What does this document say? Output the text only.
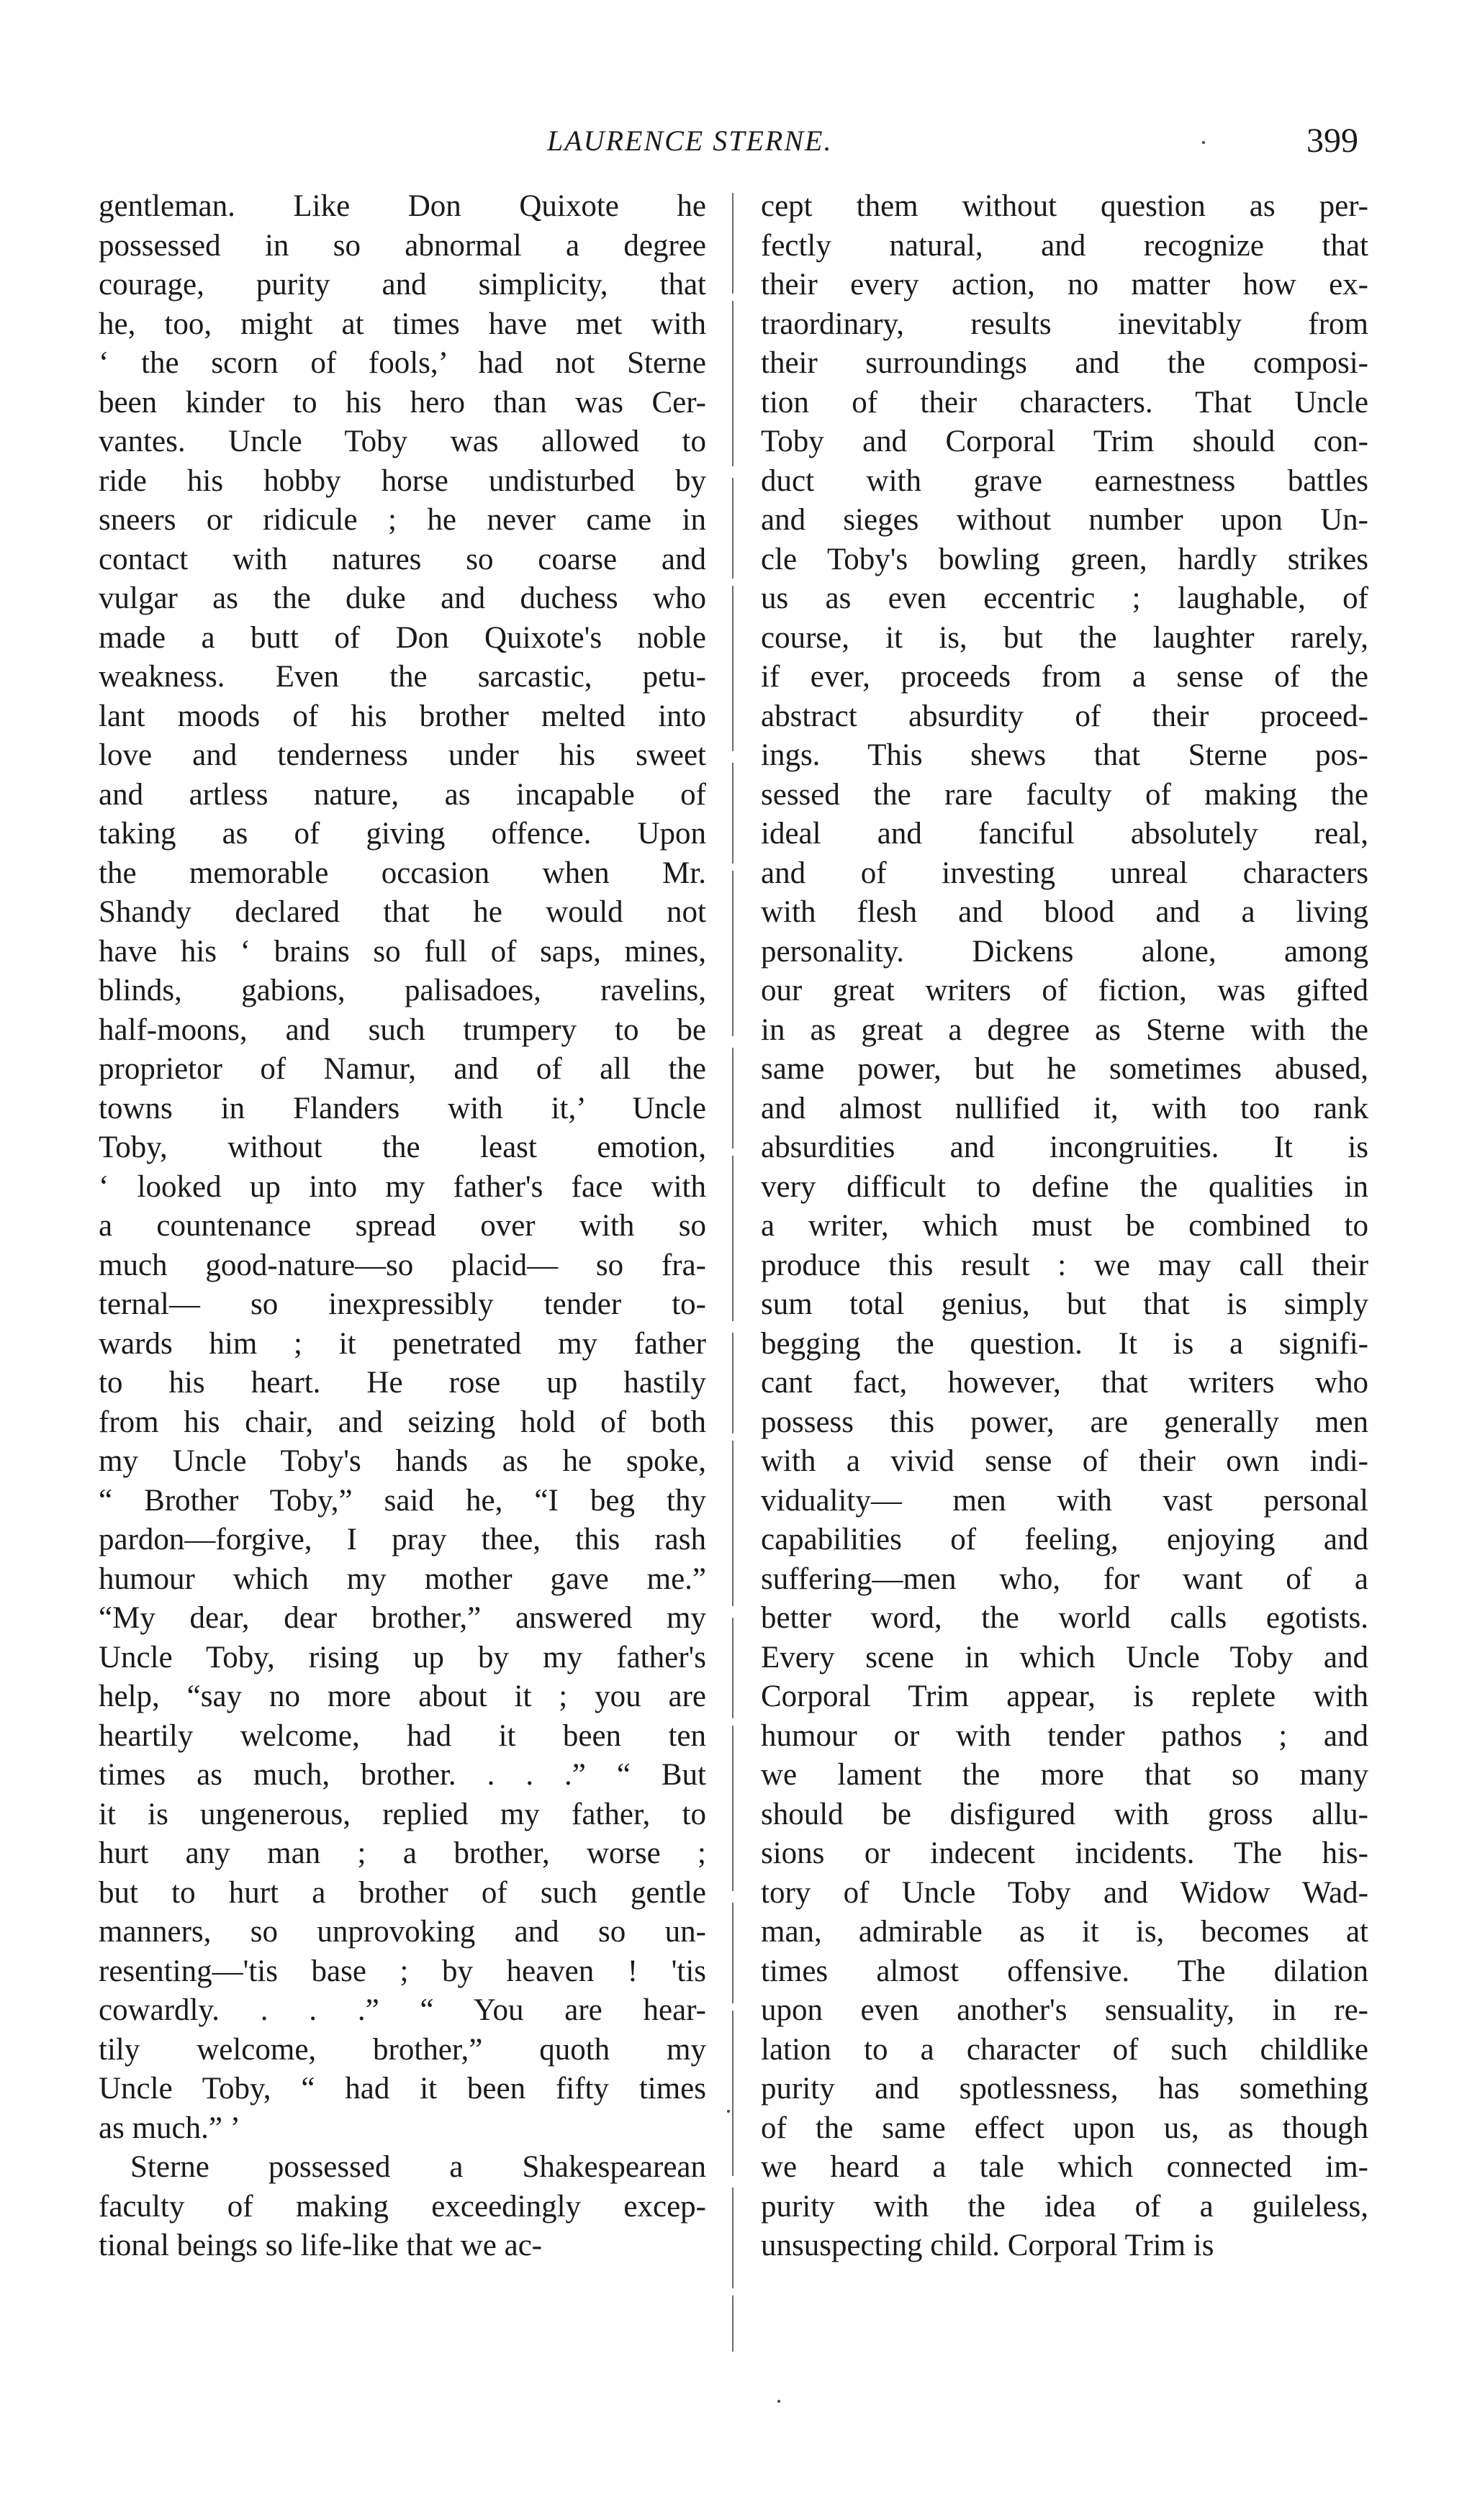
LAURENCE STERNE.	399
gentleman. Like Don Quixote he
possessed in so abnormal a degree
courage, purity and simplicity, that
he, too, might at times have met with
‘ the scorn of fools,’ had not Sterne
been kinder to his hero than was Cer-
vantes. Uncle Toby was allowed to
ride his hobby horse undisturbed by
sneers or ridicule ; he never came in
contact with natures so coarse and
vulgar as the duke and duchess who
made a butt of Don Quixote's noble
weakness. Even the sarcastic, petu-
lant moods of his brother melted into
love and tenderness under his sweet
and artless nature, as incapable of
taking as of giving offence. Upon
the memorable occasion when Mr.
Shandy declared that he would not
have his ‘ brains so full of saps, mines,
blinds, gabions, palisadoes, ravelins,
half-moons, and such trumpery to be
proprietor of Namur, and of all the
towns in Flanders with it,’ Uncle
Toby, without the least emotion,
‘ looked up into my father's face with
a countenance spread over with so
much good-nature—so placid— so fra-
ternal— so inexpressibly tender to-
wards him ; it penetrated my father
to his heart. He rose up hastily
from his chair, and seizing hold of both
my Uncle Toby's hands as he spoke,
“ Brother Toby,” said he, “I beg thy
pardon—forgive, I pray thee, this rash
humour which my mother gave me.”
“My dear, dear brother,” answered my
Uncle Toby, rising up by my father's
help, “say no more about it ; you are
heartily welcome, had it been ten
times as much, brother. . . .” “ But
it is ungenerous, replied my father, to
hurt any man ; a brother, worse ;
but to hurt a brother of such gentle
manners, so unprovoking and so un-
resenting—'tis base ; by heaven ! 'tis
cowardly. . . .” “ You are hear-
tily welcome, brother,” quoth my
Uncle Toby, “ had it been fifty times
as much.” ’
Sterne possessed a Shakespearean
faculty of making exceedingly excep-
tional beings so life-like that we ac-
cept them without question as per-
fectly natural, and recognize that
their every action, no matter how ex-
traordinary, results inevitably from
their surroundings and the composi-
tion of their characters. That Uncle
Toby and Corporal Trim should con-
duct with grave earnestness battles
and sieges without number upon Un-
cle Toby's bowling green, hardly strikes
us as even eccentric ; laughable, of
course, it is, but the laughter rarely,
if ever, proceeds from a sense of the
abstract absurdity of their proceed-
ings. This shews that Sterne pos-
sessed the rare faculty of making the
ideal and fanciful absolutely real,
and of investing unreal characters
with flesh and blood and a living
personality. Dickens alone, among
our great writers of fiction, was gifted
in as great a degree as Sterne with the
same power, but he sometimes abused,
and almost nullified it, with too rank
absurdities and incongruities. It is
very difficult to define the qualities in
a writer, which must be combined to
produce this result : we may call their
sum total genius, but that is simply
begging the question. It is a signifi-
cant fact, however, that writers who
possess this power, are generally men
with a vivid sense of their own indi-
viduality— men with vast personal
capabilities of feeling, enjoying and
suffering—men who, for want of a
better word, the world calls egotists.
Every scene in which Uncle Toby and
Corporal Trim appear, is replete with
humour or with tender pathos ; and
we lament the more that so many
should be disfigured with gross allu-
sions or indecent incidents. The his-
tory of Uncle Toby and Widow Wad-
man, admirable as it is, becomes at
times almost offensive. The dilation
upon even another's sensuality, in re-
lation to a character of such childlike
purity and spotlessness, has something
of the same effect upon us, as though
we heard a tale which connected im-
purity with the idea of a guileless,
unsuspecting child. Corporal Trim is
